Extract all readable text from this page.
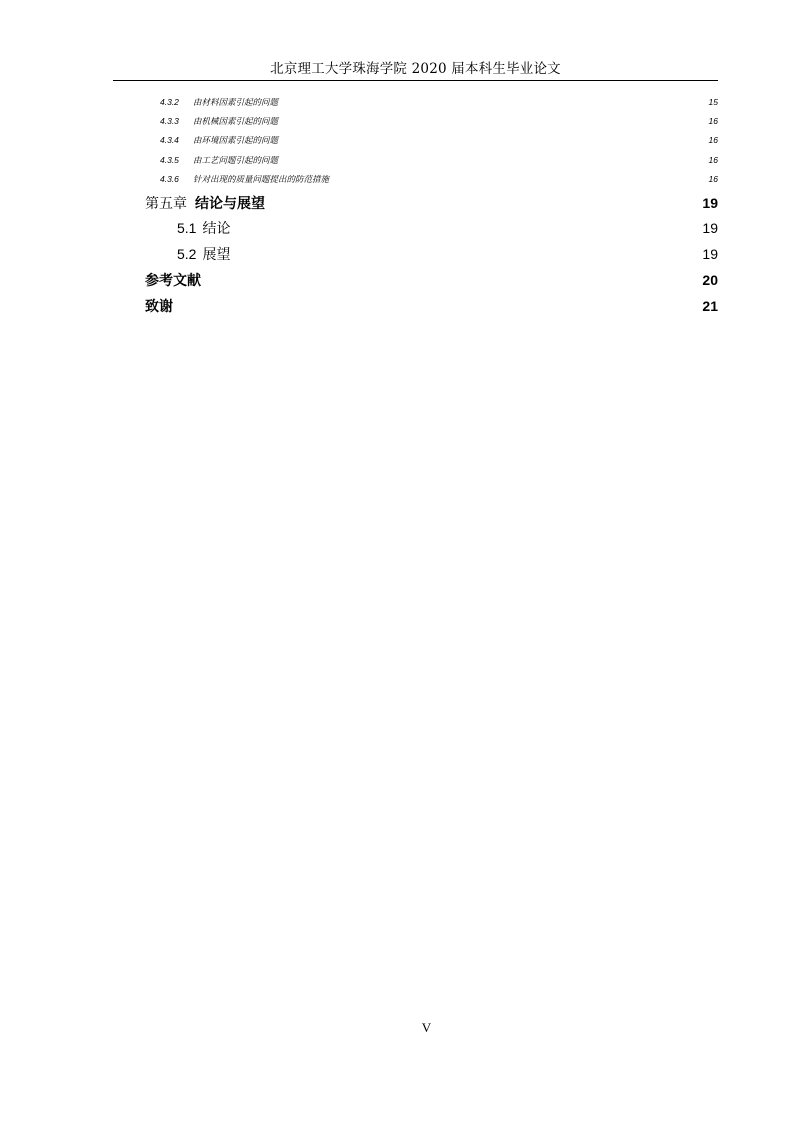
北京理工大学珠海学院 2020 届本科生毕业论文
4.3.2	由材料因素引起的问题	15
4.3.3	由机械因素引起的问题	16
4.3.4	由环境因素引起的问题	16
4.3.5	由工艺问题引起的问题	16
4.3.6	针对出现的质量问题提出的防范措施	16
第五章 结论与展望	19
5.1 结论	19
5.2 展望	19
参考文献	20
致谢	21
V
